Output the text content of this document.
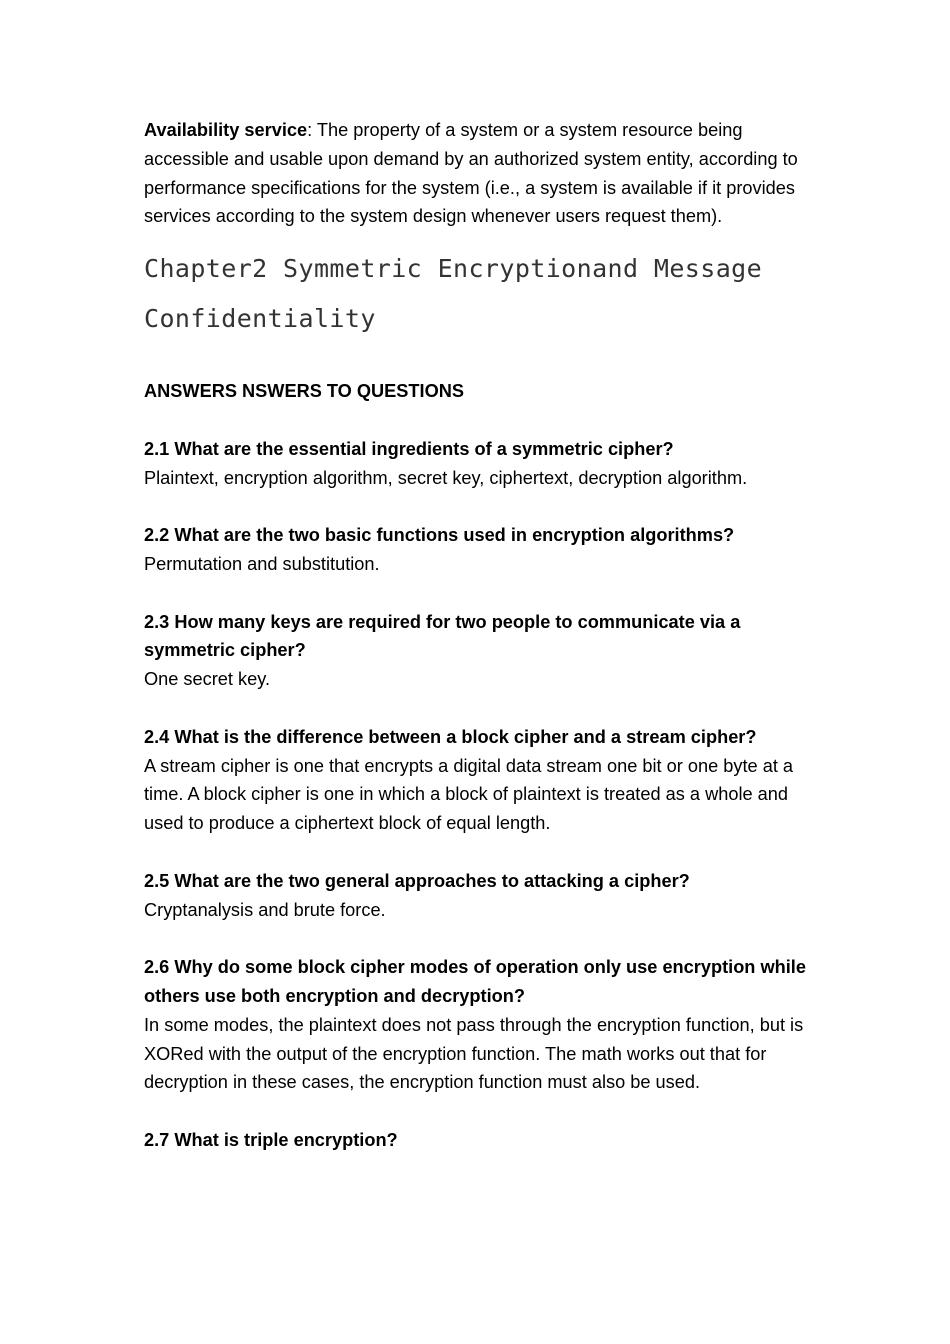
Availability service: The property of a system or a system resource being accessible and usable upon demand by an authorized system entity, according to performance specifications for the system (i.e., a system is available if it provides services according to the system design whenever users request them).

Chapter2 Symmetric Encryptionand Message Confidentiality

ANSWERS NSWERS TO QUESTIONS

2.1 What are the essential ingredients of a symmetric cipher?

Plaintext, encryption algorithm, secret key, ciphertext, decryption algorithm.

2.2 What are the two basic functions used in encryption algorithms?

Permutation and substitution.

2.3 How many keys are required for two people to communicate via a symmetric cipher?

One secret key.

2.4 What is the difference between a block cipher and a stream cipher?

A stream cipher is one that encrypts a digital data stream one bit or one byte at a time. A block cipher is one in which a block of plaintext is treated as a whole and used to produce a ciphertext block of equal length.

2.5 What are the two general approaches to attacking a cipher?

Cryptanalysis and brute force.

2.6 Why do some block cipher modes of operation only use encryption while others use both encryption and decryption?

In some modes, the plaintext does not pass through the encryption function, but is XORed with the output of the encryption function. The math works out that for decryption in these cases, the encryption function must also be used.

2.7 What is triple encryption?
